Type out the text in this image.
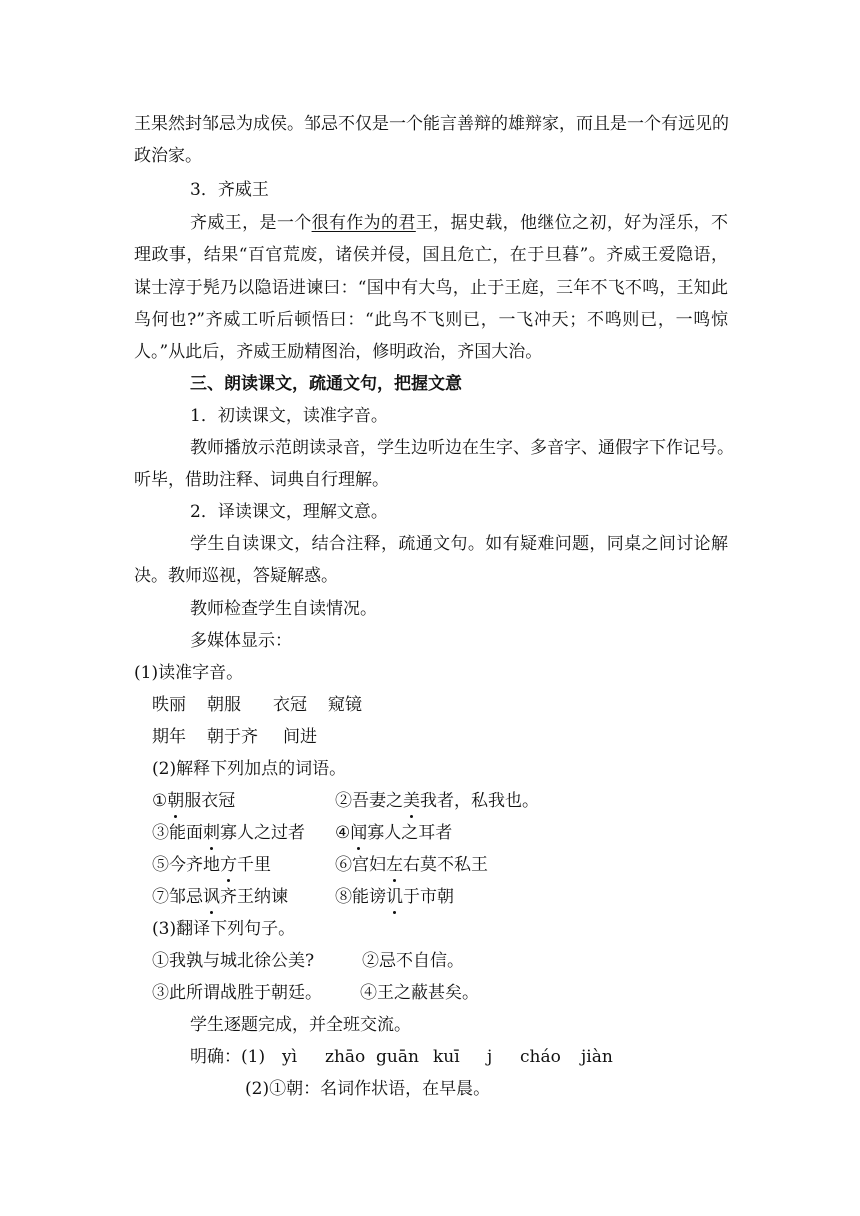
王果然封邹忌为成侯。邹忌不仅是一个能言善辩的雄辩家，而且是一个有远见的
政治家。
3．齐威王
齐威王，是一个很有作为的君王，据史载，他继位之初，好为淫乐，不
理政事，结果“百官荒废，诸侯并侵，国且危亡，在于旦暮”。齐威王爱隐语，
谋士淳于髡乃以隐语进谏曰：“国中有大鸟，止于王庭，三年不飞不鸣，王知此
鸟何也?”齐威工听后顿悟曰：“此鸟不飞则已，一飞冲天；不鸣则已，一鸣惊
人。”从此后，齐威王励精图治，修明政治，齐国大治。
三、朗读课文，疏通文句，把握文意
1．初读课文，读准字音。
教师播放示范朗读录音，学生边听边在生字、多音字、通假字下作记号。
听毕，借助注释、词典自行理解。
2．译读课文，理解文意。
学生自读课文，结合注释，疏通文句。如有疑难问题，同桌之间讨论解
决。教师巡视，答疑解惑。
教师检查学生自读情况。
多媒体显示：
(1)读准字音。
昳丽 朝服 衣冠 窥镜
期年 朝于齐 间进
(2)解释下列加点的词语。
①朝服衣冠	②吾妻之美我者，私我也。
③能面刺寡人之过者 ④闻寡人之耳者
⑤今齐地方千里	⑥宫妇左右莫不私王
⑦邹忌讽齐王纳谏	⑧能谤讥于市朝
(3)翻译下列句子。
①我孰与城北徐公美?	②忌不自信。
③此所谓战胜于朝廷。 ④王之蔽甚矣。
学生逐题完成，并全班交流。
明确：(1) yì zhāo guān kuī j cháo jiàn
(2)①朝：名词作状语，在早晨。
